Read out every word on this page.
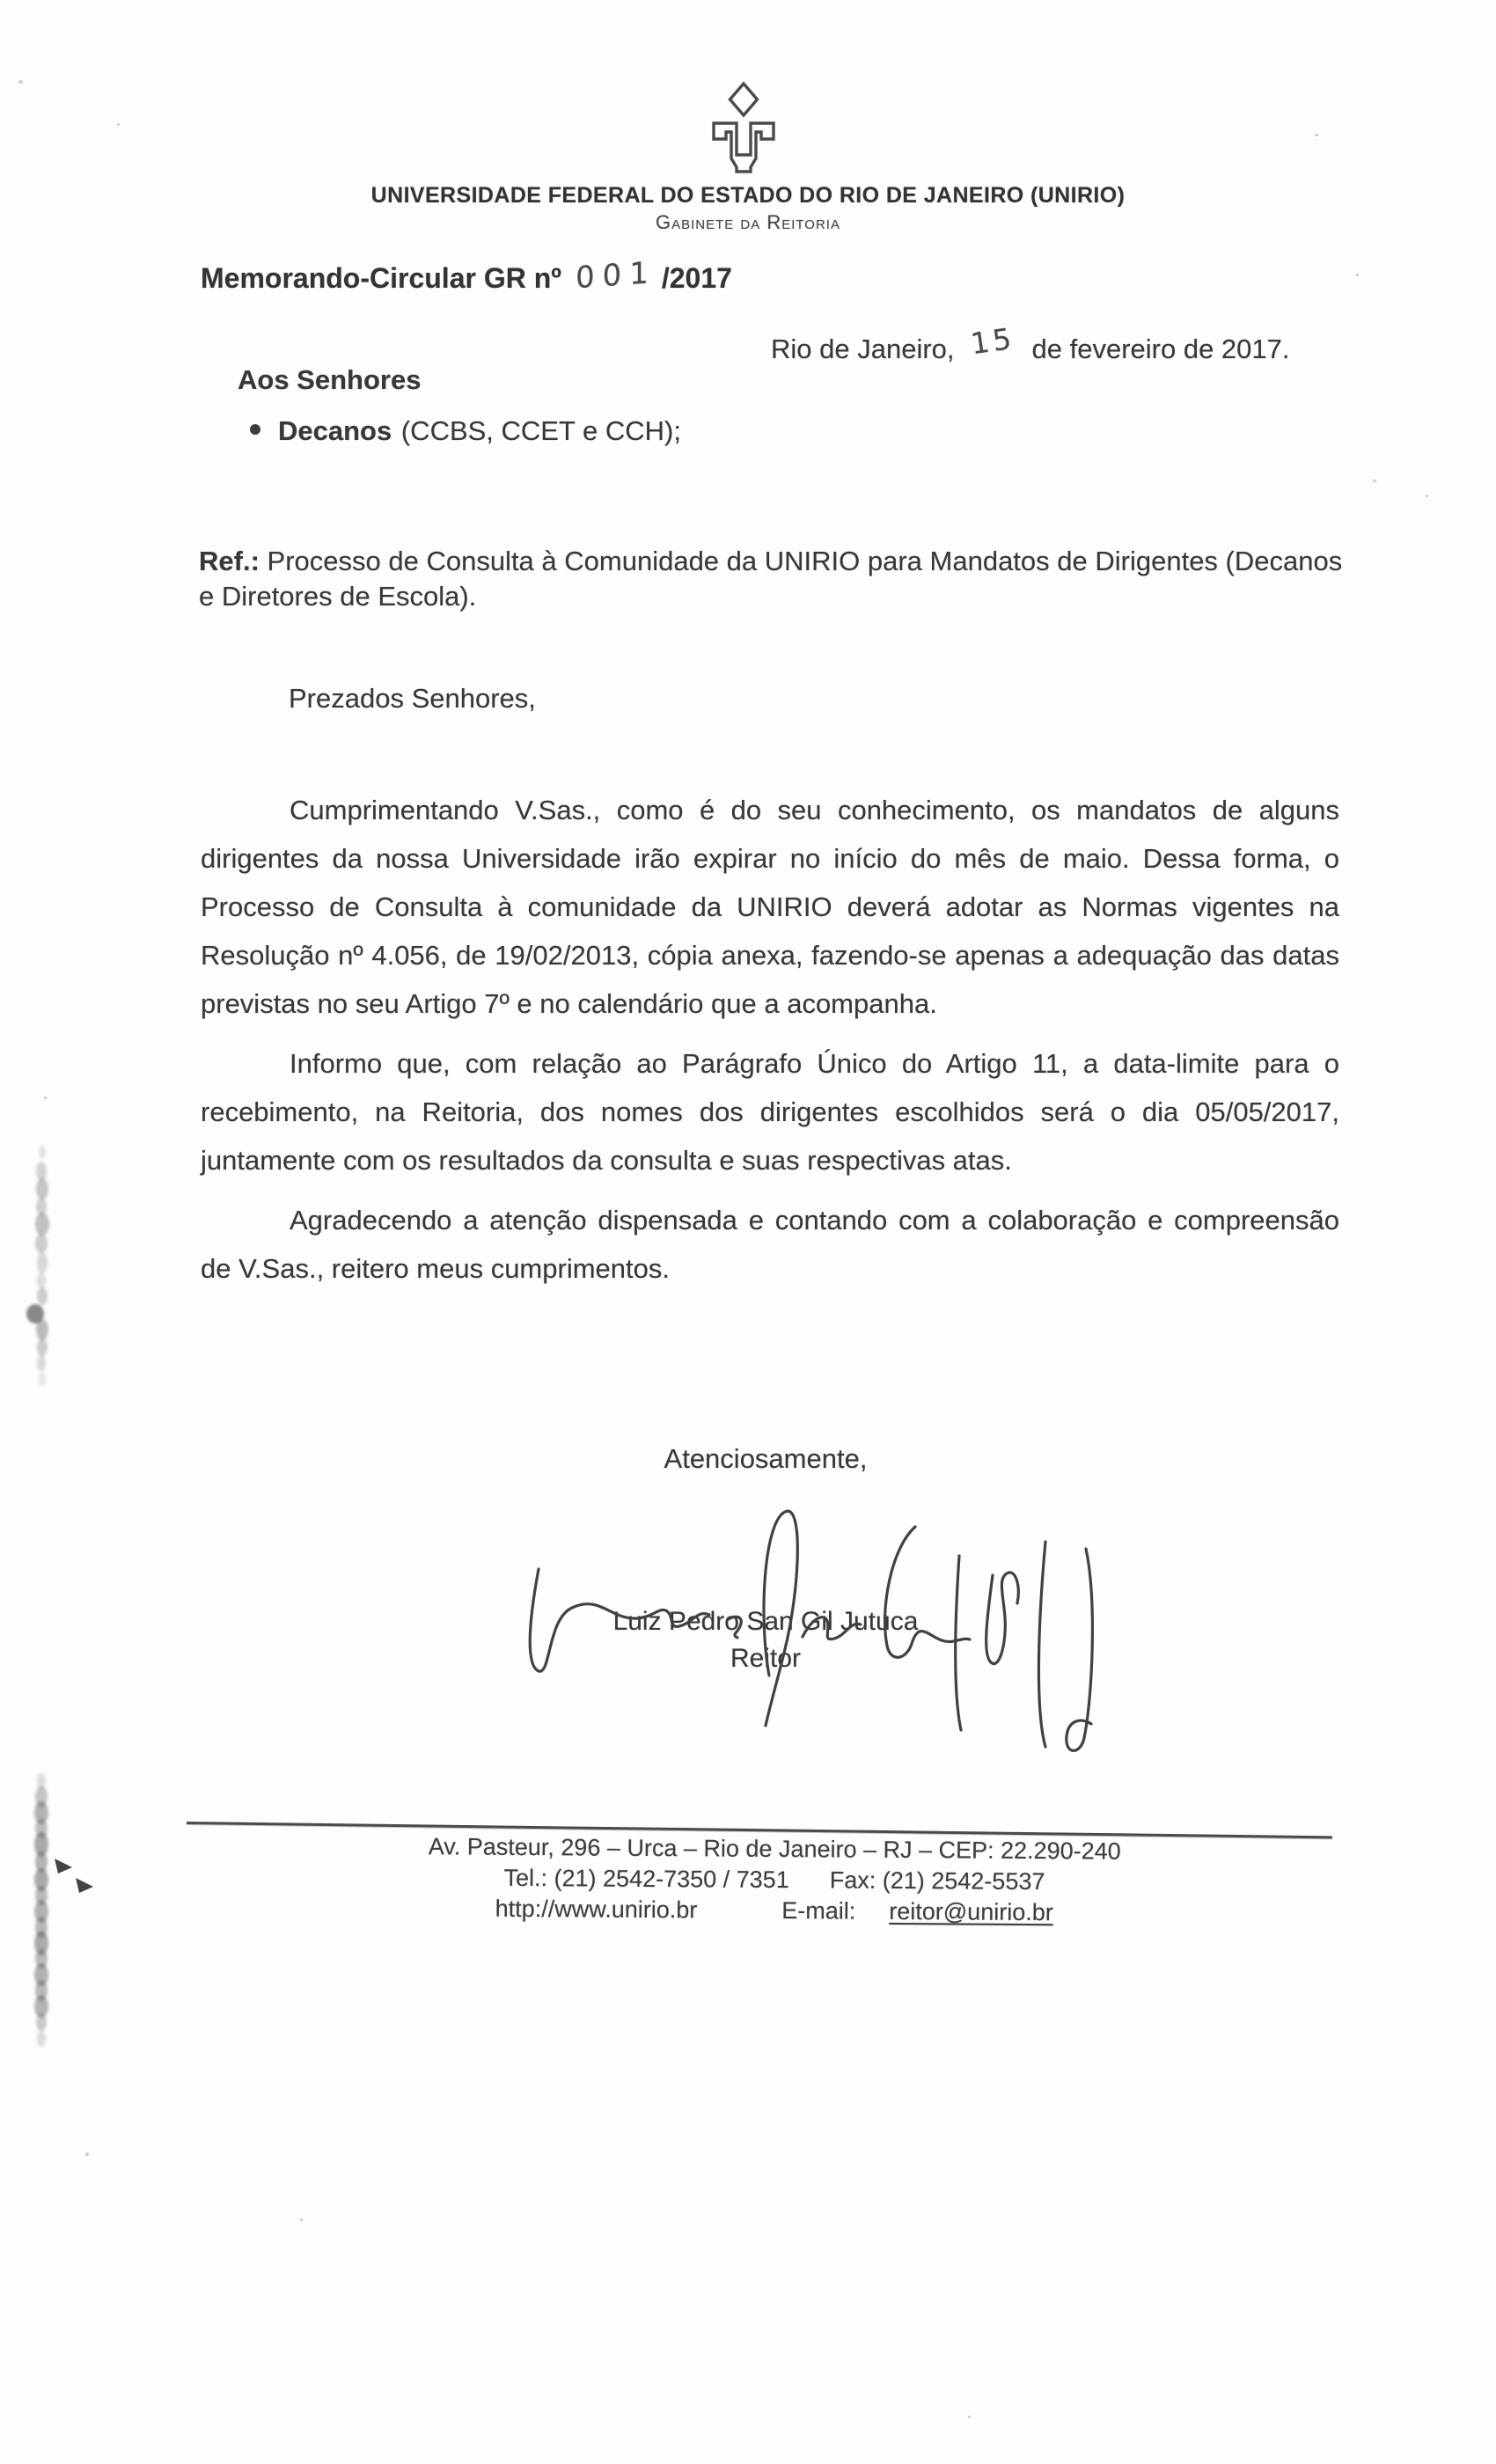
UNIVERSIDADE FEDERAL DO ESTADO DO RIO DE JANEIRO (UNIRIO)
Gabinete da Reitoria
Memorando-Circular GR nº 001 /2017
Rio de Janeiro, 15 de fevereiro de 2017.
Aos Senhores
Decanos (CCBS, CCET e CCH);
Ref.: Processo de Consulta à Comunidade da UNIRIO para Mandatos de Dirigentes (Decanos e Diretores de Escola).
Prezados Senhores,

Cumprimentando V.Sas., como é do seu conhecimento, os mandatos de alguns dirigentes da nossa Universidade irão expirar no início do mês de maio. Dessa forma, o Processo de Consulta à comunidade da UNIRIO deverá adotar as Normas vigentes na Resolução nº 4.056, de 19/02/2013, cópia anexa, fazendo-se apenas a adequação das datas previstas no seu Artigo 7º e no calendário que a acompanha.

Informo que, com relação ao Parágrafo Único do Artigo 11, a data-limite para o recebimento, na Reitoria, dos nomes dos dirigentes escolhidos será o dia 05/05/2017, juntamente com os resultados da consulta e suas respectivas atas.

Agradecendo a atenção dispensada e contando com a colaboração e compreensão de V.Sas., reitero meus cumprimentos.

Atenciosamente,
Luiz Pedro San Gil Jutuca
Reitor
Av. Pasteur, 296 – Urca – Rio de Janeiro – RJ – CEP: 22.290-240
Tel.: (21) 2542-7350 / 7351 Fax: (21) 2542-5537
http://www.unirio.br	E-mail: reitor@unirio.br
